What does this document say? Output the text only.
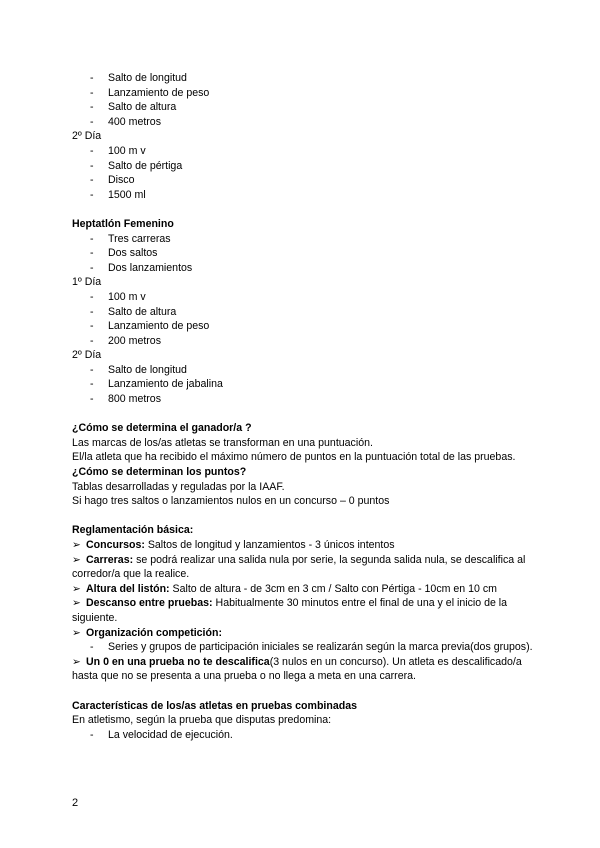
- Salto de longitud
- Lanzamiento de peso
- Salto de altura
- 400 metros
2º Día
- 100 m v
- Salto de pértiga
- Disco
- 1500 ml
Heptatlón Femenino
- Tres carreras
- Dos saltos
- Dos lanzamientos
1º Día
- 100 m v
- Salto de altura
- Lanzamiento de peso
- 200 metros
2º Día
- Salto de longitud
- Lanzamiento de jabalina
- 800 metros
¿Cómo se determina el ganador/a ?
Las marcas de los/as atletas se transforman en una puntuación.
El/la atleta que ha recibido el máximo número de puntos en la puntuación total de las pruebas.
¿Cómo se determinan los puntos?
Tablas desarrolladas y reguladas por la IAAF.
Si hago tres saltos o lanzamientos nulos en un concurso – 0 puntos
Reglamentación básica:
➢ Concursos: Saltos de longitud y lanzamientos - 3 únicos intentos
➢ Carreras: se podrá realizar una salida nula por serie, la segunda salida nula, se descalifica al corredor/a que la realice.
➢ Altura del listón: Salto de altura - de 3cm en 3 cm / Salto con Pértiga - 10cm en 10 cm
➢ Descanso entre pruebas: Habitualmente 30 minutos entre el final de una y el inicio de la siguiente.
➢ Organización competición:
- Series y grupos de participación iniciales se realizarán según la marca previa(dos grupos).
➢ Un 0 en una prueba no te descalifica(3 nulos en un concurso). Un atleta es descalificado/a hasta que no se presenta a una prueba o no llega a meta en una carrera.
Características de los/as atletas en pruebas combinadas
En atletismo, según la prueba que disputas predomina:
- La velocidad de ejecución.
2
